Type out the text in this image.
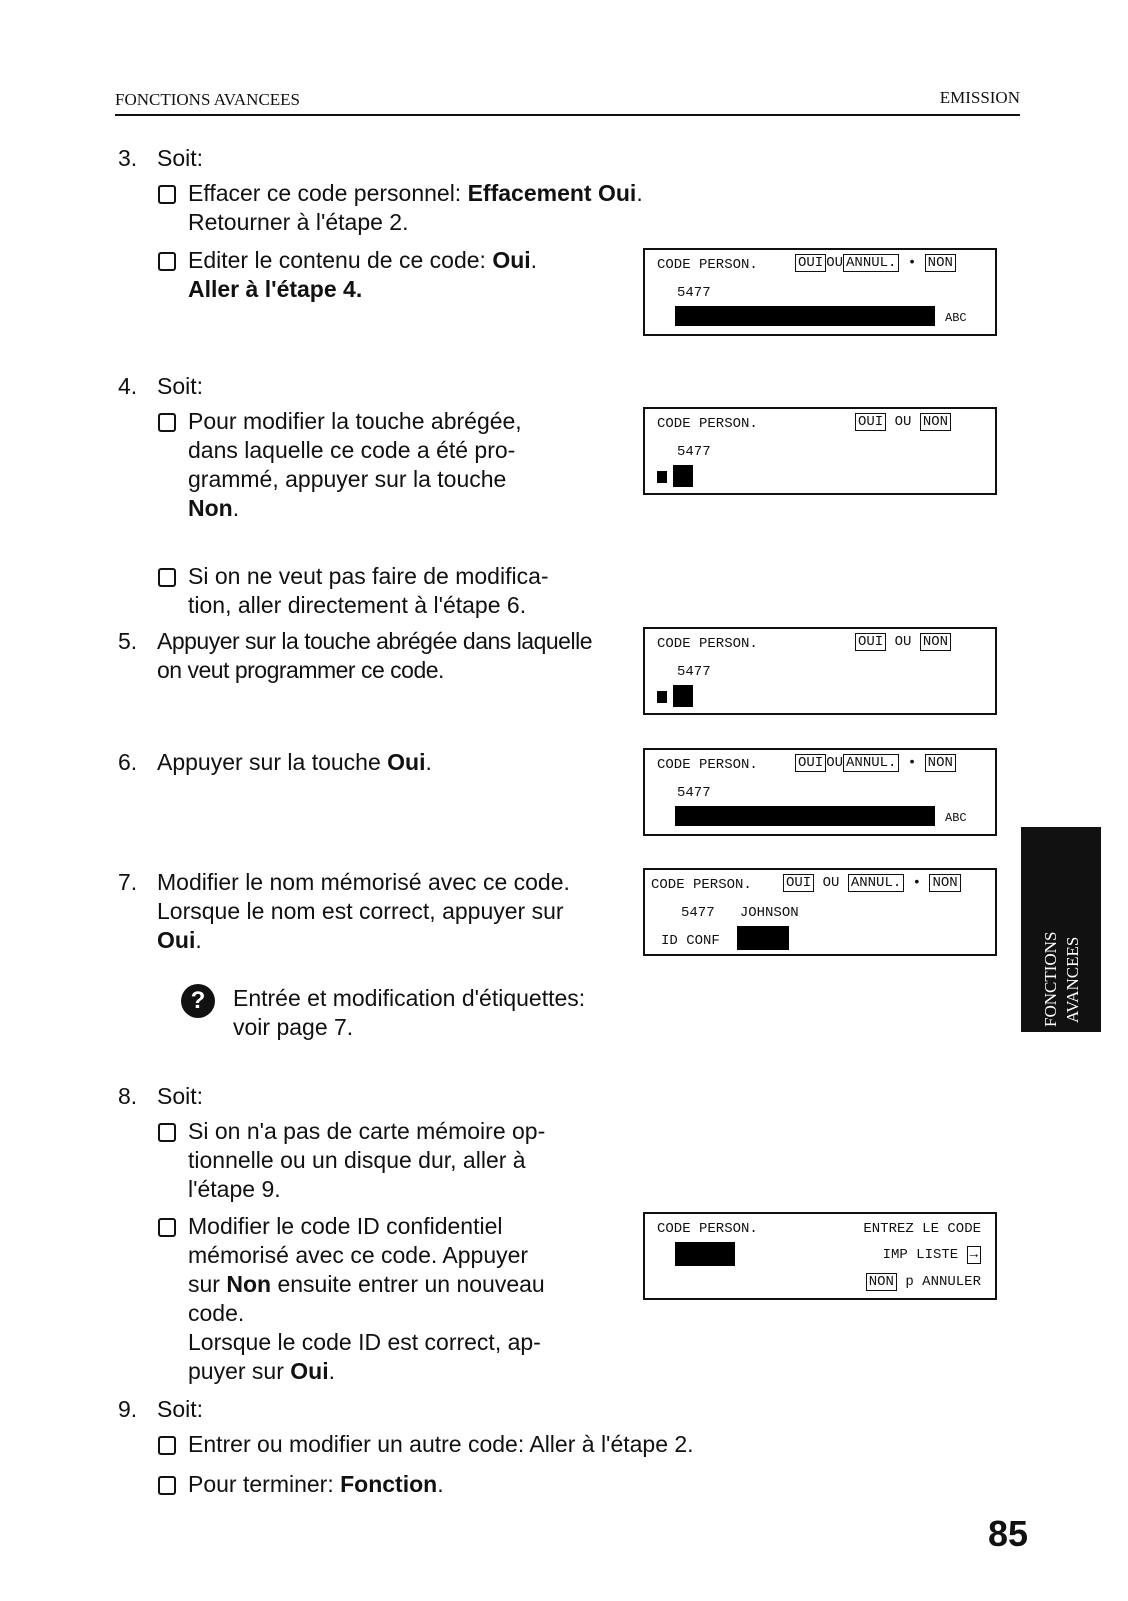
FONCTIONS AVANCEES	EMISSION
3. Soit:
Effacer ce code personnel: Effacement Oui.
Retourner à l'étape 2.
Editer le contenu de ce code: Oui.
Aller à l'étape 4.
CODE PERSON.	OUI OU ANNUL. • NON
5477
ABC
4. Soit:
Pour modifier la touche abrégée,
dans laquelle ce code a été pro-
grammé, appuyer sur la touche
Non.
Si on ne veut pas faire de modifica-
tion, aller directement à l'étape 6.
CODE PERSON.	OUI OU NON
5477
5. Appuyer sur la touche abrégée dans laquelle
on veut programmer ce code.
CODE PERSON.	OUI OU NON
5477
6. Appuyer sur la touche Oui.	CODE PERSON.	OUI OU ANNUL. • NON
5477
ABC
7. Modifier le nom mémorisé avec ce code.
Lorsque le nom est correct, appuyer sur
Oui.
?	Entrée et modification d'étiquettes:
voir page 7.
CODE PERSON. OUI OU ANNUL. • NON
5477 JOHNSON
ID CONF
8. Soit:
Si on n'a pas de carte mémoire op-
tionnelle ou un disque dur, aller à
l'étape 9.
Modifier le code ID confidentiel
mémorisé avec ce code. Appuyer
sur Non ensuite entrer un nouveau
code.
Lorsque le code ID est correct, ap-
puyer sur Oui.
CODE PERSON.	ENTREZ LE CODE
IMP LISTE →
NON p ANNULER
9. Soit:
Entrer ou modifier un autre code: Aller à l'étape 2.
Pour terminer: Fonction.
FONCTIONS AVANCEES
85
